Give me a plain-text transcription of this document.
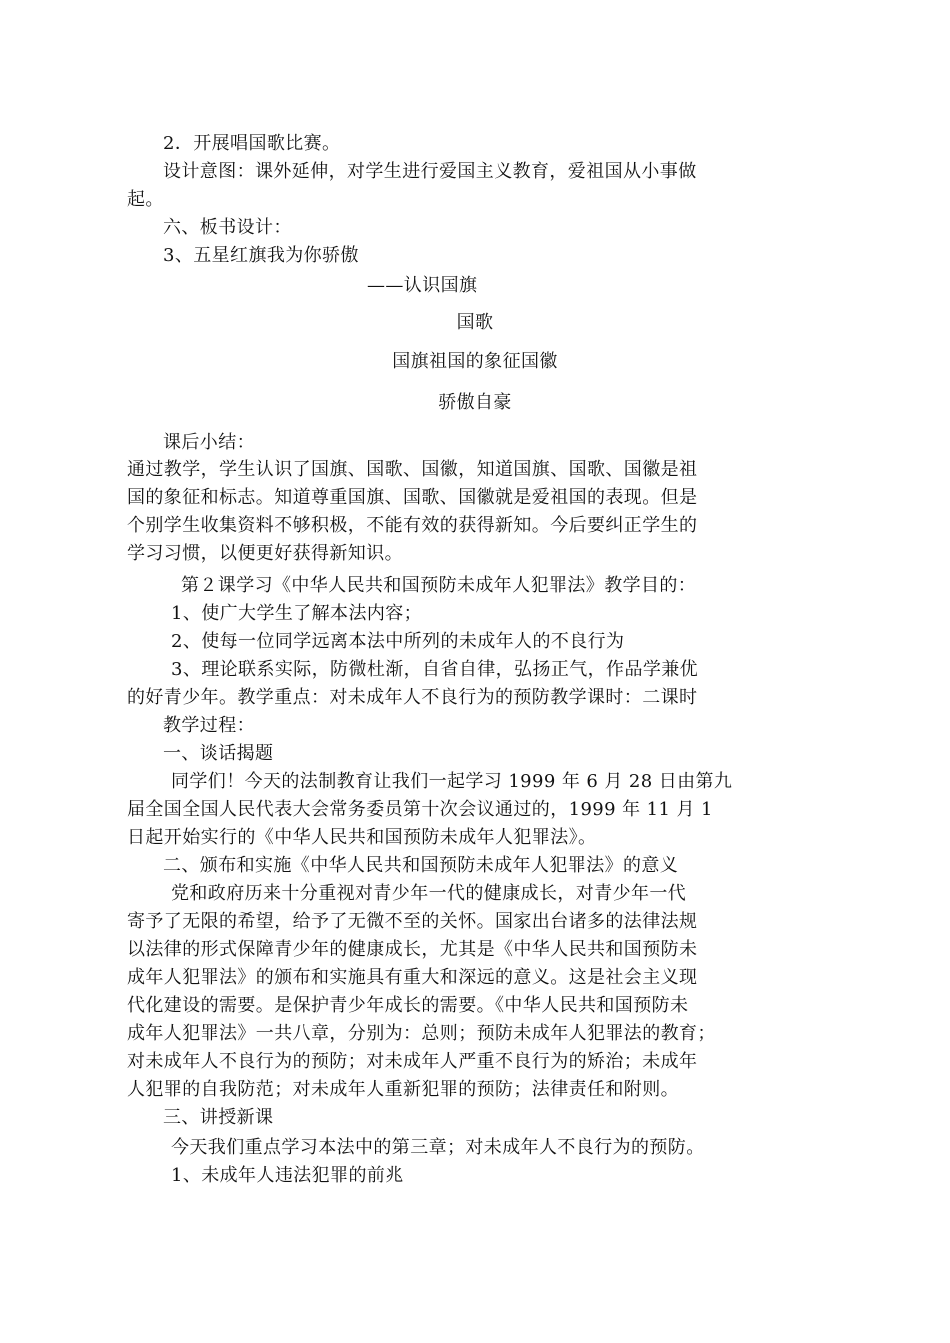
2．开展唱国歌比赛。
设计意图：课外延伸，对学生进行爱国主义教育，爱祖国从小事做
起。
六、板书设计：
3、五星红旗我为你骄傲
——认识国旗
国歌
国旗祖国的象征国徽
骄傲自豪
课后小结：
通过教学，学生认识了国旗、国歌、国徽，知道国旗、国歌、国徽是祖
国的象征和标志。知道尊重国旗、国歌、国徽就是爱祖国的表现。但是
个别学生收集资料不够积极，不能有效的获得新知。今后要纠正学生的
学习习惯，以便更好获得新知识。
第２课学习《中华人民共和国预防未成年人犯罪法》教学目的：
1、使广大学生了解本法内容；
2、使每一位同学远离本法中所列的未成年人的不良行为
3、理论联系实际，防微杜渐，自省自律，弘扬正气，作品学兼优
的好青少年。教学重点：对未成年人不良行为的预防教学课时：二课时
教学过程：
一、谈话揭题
同学们！今天的法制教育让我们一起学习 1999 年 6 月 28 日由第九
届全国全国人民代表大会常务委员第十次会议通过的，1999 年 11 月 1
日起开始实行的《中华人民共和国预防未成年人犯罪法》。
二、颁布和实施《中华人民共和国预防未成年人犯罪法》的意义
党和政府历来十分重视对青少年一代的健康成长，对青少年一代
寄予了无限的希望，给予了无微不至的关怀。国家出台诸多的法律法规
以法律的形式保障青少年的健康成长，尤其是《中华人民共和国预防未
成年人犯罪法》的颁布和实施具有重大和深远的意义。这是社会主义现
代化建设的需要。是保护青少年成长的需要。《中华人民共和国预防未
成年人犯罪法》一共八章，分别为：总则；预防未成年人犯罪法的教育；
对未成年人不良行为的预防；对未成年人严重不良行为的矫治；未成年
人犯罪的自我防范；对未成年人重新犯罪的预防；法律责任和附则。
三、讲授新课
今天我们重点学习本法中的第三章；对未成年人不良行为的预防。
1、未成年人违法犯罪的前兆
